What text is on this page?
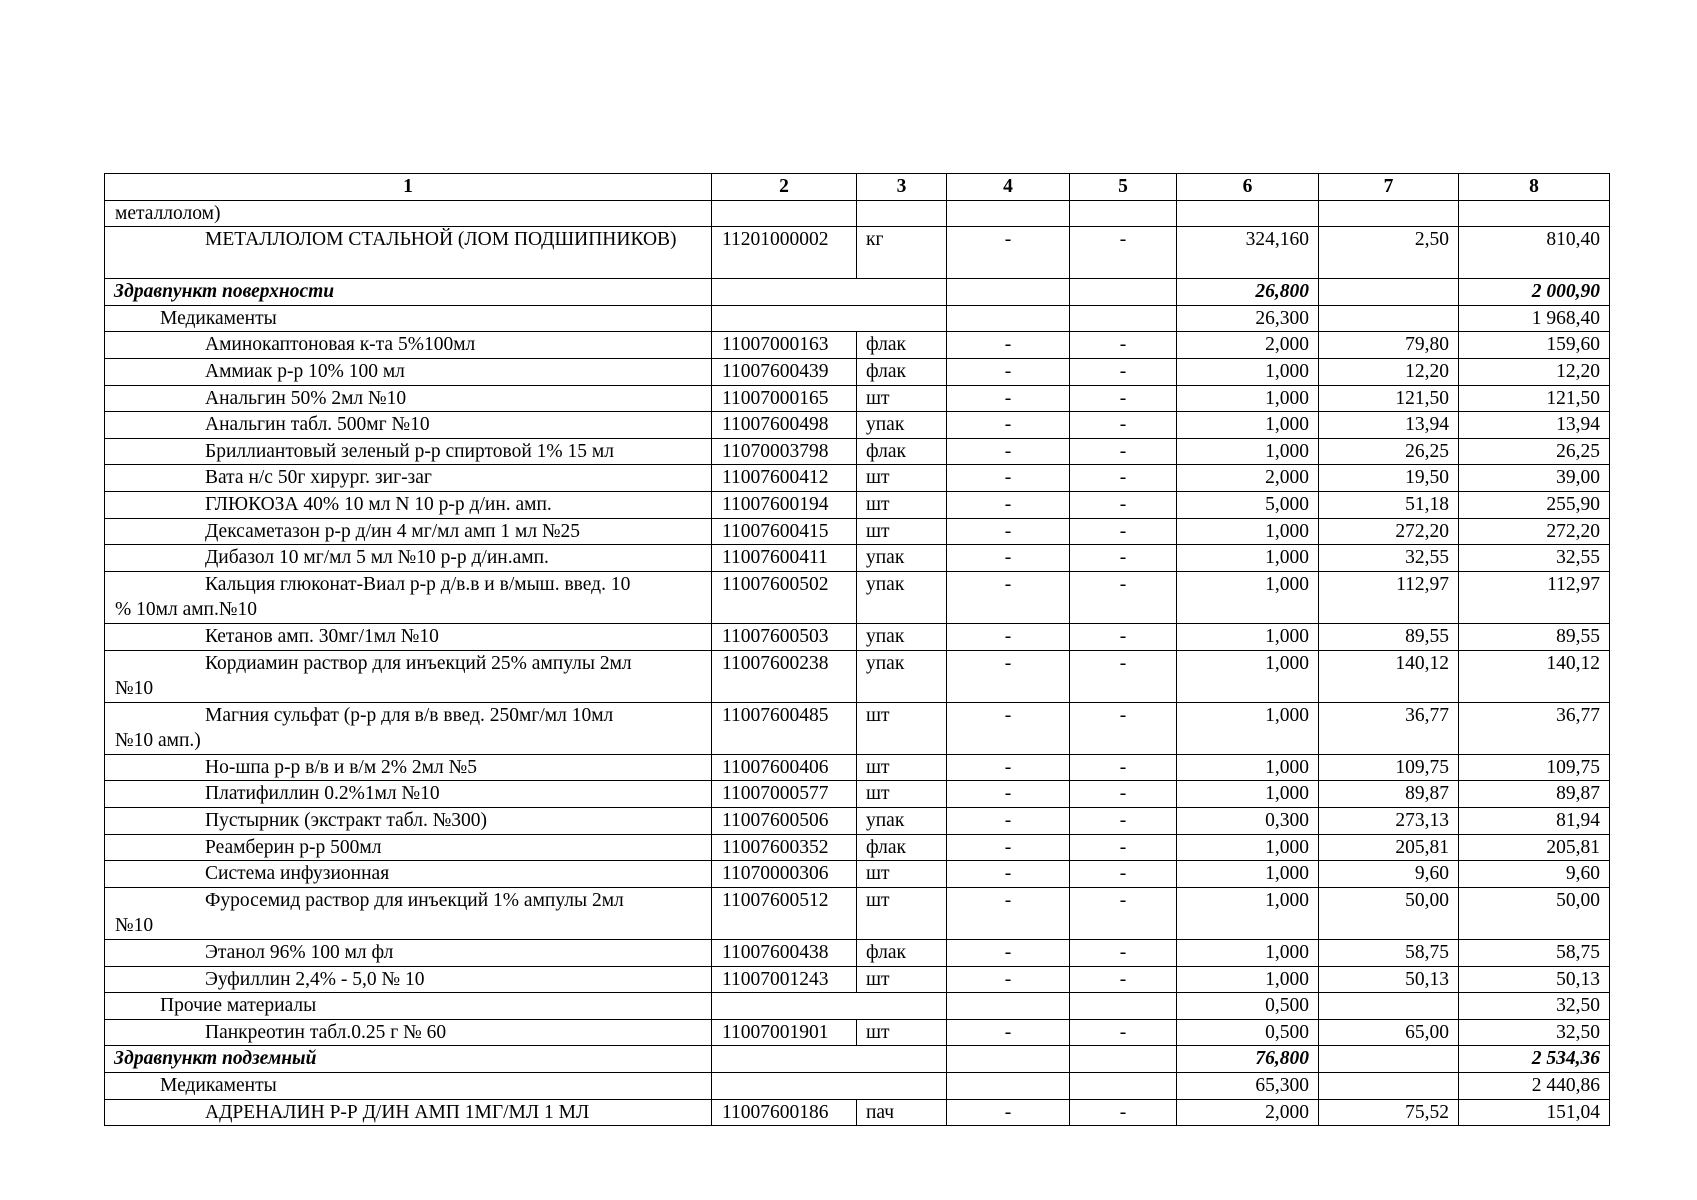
1	2	3	4	5	6	7	8
металлолом)							
МЕТАЛЛОЛОМ СТАЛЬНОЙ (ЛОМ ПОДШИПНИКОВ)	11201000002	кг	-	-	324,160	2,50	810,40
Здравпункт поверхности					26,800		2 000,90
Медикаменты					26,300		1 968,40
Аминокаптоновая к-та 5%100мл	11007000163	флак	-	-	2,000	79,80	159,60
Аммиак р-р 10% 100 мл	11007600439	флак	-	-	1,000	12,20	12,20
Анальгин 50% 2мл №10	11007000165	шт	-	-	1,000	121,50	121,50
Анальгин табл. 500мг №10	11007600498	упак	-	-	1,000	13,94	13,94
Бриллиантовый зеленый р-р спиртовой 1% 15 мл	11070003798	флак	-	-	1,000	26,25	26,25
Вата н/с 50г хирург. зиг-заг	11007600412	шт	-	-	2,000	19,50	39,00
ГЛЮКОЗА 40% 10 мл N 10 р-р д/ин. амп.	11007600194	шт	-	-	5,000	51,18	255,90
Дексаметазон р-р д/ин 4 мг/мл амп 1 мл №25	11007600415	шт	-	-	1,000	272,20	272,20
Дибазол 10 мг/мл 5 мл №10 р-р д/ин.амп.	11007600411	упак	-	-	1,000	32,55	32,55
Кальция глюконат-Виал р-р д/в.в и в/мыш. введ. 10
% 10мл амп.№10	11007600502	упак	-	-	1,000	112,97	112,97
Кетанов амп. 30мг/1мл №10	11007600503	упак	-	-	1,000	89,55	89,55
Кордиамин раствор для инъекций 25% ампулы 2мл
№10	11007600238	упак	-	-	1,000	140,12	140,12
Магния сульфат (р-р для в/в введ. 250мг/мл 10мл
№10 амп.)	11007600485	шт	-	-	1,000	36,77	36,77
Но-шпа р-р в/в и в/м 2% 2мл №5	11007600406	шт	-	-	1,000	109,75	109,75
Платифиллин 0.2%1мл №10	11007000577	шт	-	-	1,000	89,87	89,87
Пустырник (экстракт табл. №300)	11007600506	упак	-	-	0,300	273,13	81,94
Реамберин р-р 500мл	11007600352	флак	-	-	1,000	205,81	205,81
Система инфузионная	11070000306	шт	-	-	1,000	9,60	9,60
Фуросемид раствор для инъекций 1% ампулы 2мл
№10	11007600512	шт	-	-	1,000	50,00	50,00
Этанол 96% 100 мл фл	11007600438	флак	-	-	1,000	58,75	58,75
Эуфиллин 2,4% - 5,0 № 10	11007001243	шт	-	-	1,000	50,13	50,13
Прочие материалы					0,500		32,50
Панкреотин табл.0.25 г № 60	11007001901	шт	-	-	0,500	65,00	32,50
Здравпункт подземный					76,800		2 534,36
Медикаменты					65,300		2 440,86
АДРЕНАЛИН Р-Р Д/ИН АМП 1МГ/МЛ 1 МЛ	11007600186	пач	-	-	2,000	75,52	151,04
